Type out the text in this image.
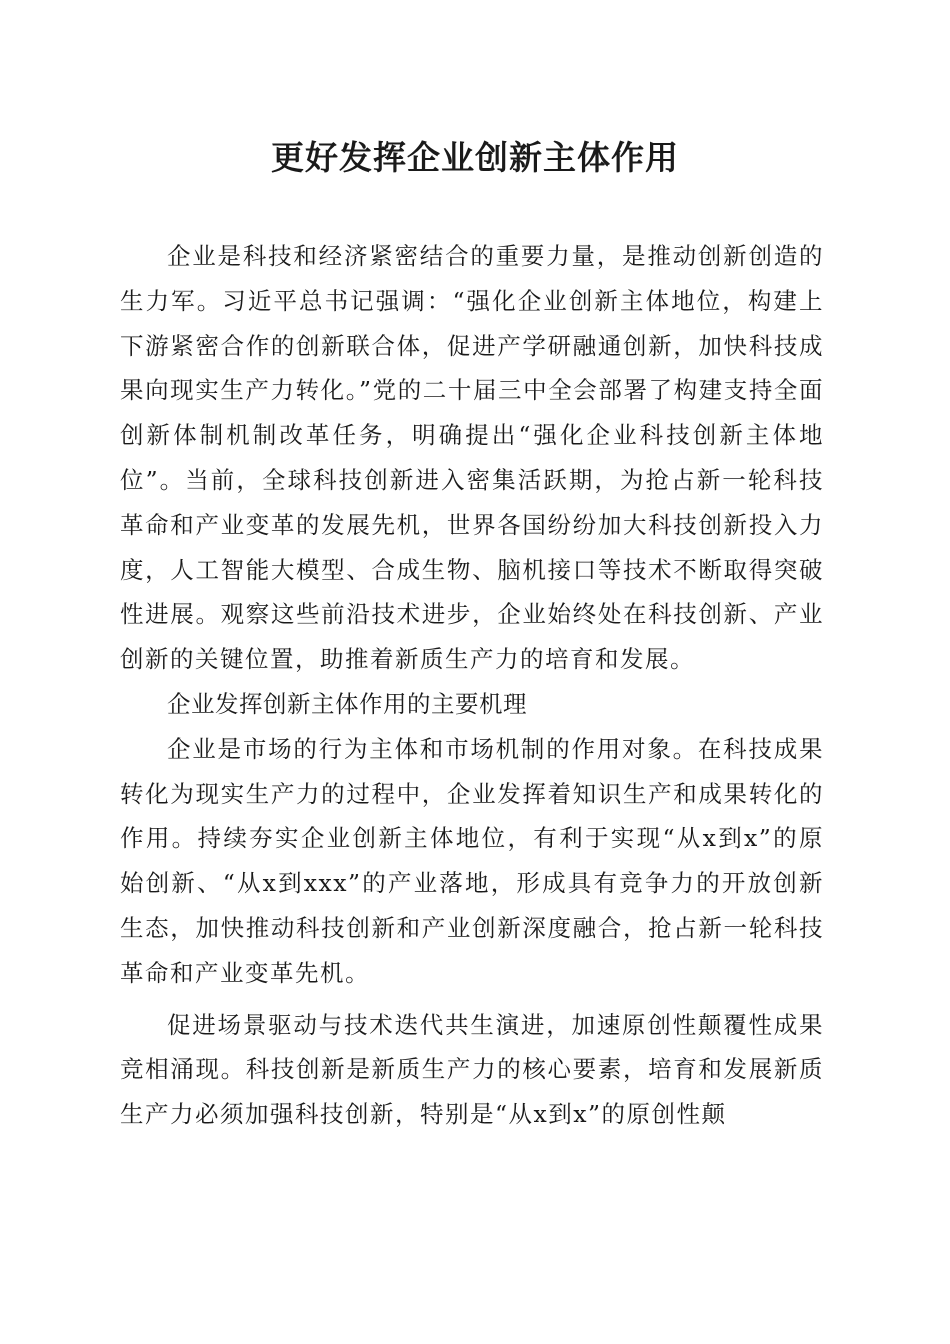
更好发挥企业创新主体作用

企业是科技和经济紧密结合的重要力量，是推动创新创造的生力军。习近平总书记强调：“强化企业创新主体地位，构建上下游紧密合作的创新联合体，促进产学研融通创新，加快科技成果向现实生产力转化。”党的二十届三中全会部署了构建支持全面创新体制机制改革任务，明确提出“强化企业科技创新主体地位”。当前，全球科技创新进入密集活跃期，为抢占新一轮科技革命和产业变革的发展先机，世界各国纷纷加大科技创新投入力度，人工智能大模型、合成生物、脑机接口等技术不断取得突破性进展。观察这些前沿技术进步，企业始终处在科技创新、产业创新的关键位置，助推着新质生产力的培育和发展。

企业发挥创新主体作用的主要机理

企业是市场的行为主体和市场机制的作用对象。在科技成果转化为现实生产力的过程中，企业发挥着知识生产和成果转化的作用。持续夯实企业创新主体地位，有利于实现“从x到x”的原始创新、“从x到xxx”的产业落地，形成具有竞争力的开放创新生态，加快推动科技创新和产业创新深度融合，抢占新一轮科技革命和产业变革先机。

促进场景驱动与技术迭代共生演进，加速原创性颠覆性成果竞相涌现。科技创新是新质生产力的核心要素，培育和发展新质生产力必须加强科技创新，特别是“从x到x”的原创性颠
